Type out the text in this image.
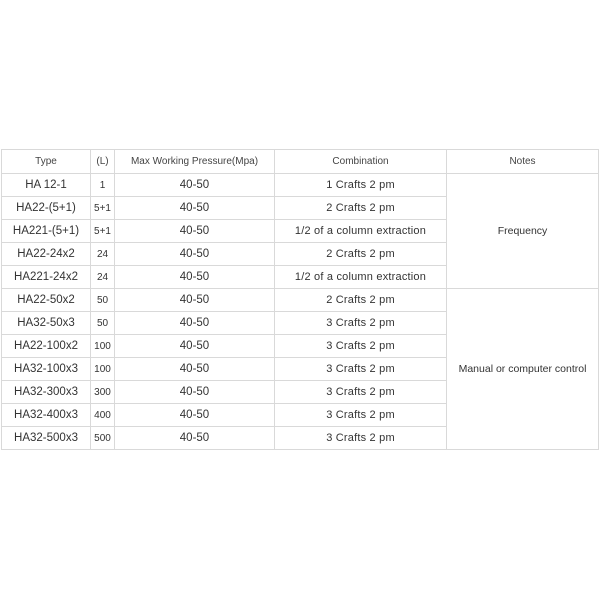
Type	(L)	Max Working Pressure(Mpa)	Combination	Notes
HA 12-1	1	40-50	1 Crafts 2 pm	Frequency
HA22-(5+1)	5+1	40-50	2 Crafts 2 pm	
HA221-(5+1)	5+1	40-50	1/2 of a column extraction	
HA22-24x2	24	40-50	2 Crafts 2 pm	
HA221-24x2	24	40-50	1/2 of a column extraction	
HA22-50x2	50	40-50	2 Crafts 2 pm	Manual or computer control
HA32-50x3	50	40-50	3 Crafts 2 pm	
HA22-100x2	100	40-50	3 Crafts 2 pm	
HA32-100x3	100	40-50	3 Crafts 2 pm	
HA32-300x3	300	40-50	3 Crafts 2 pm	
HA32-400x3	400	40-50	3 Crafts 2 pm	
HA32-500x3	500	40-50	3 Crafts 2 pm	
